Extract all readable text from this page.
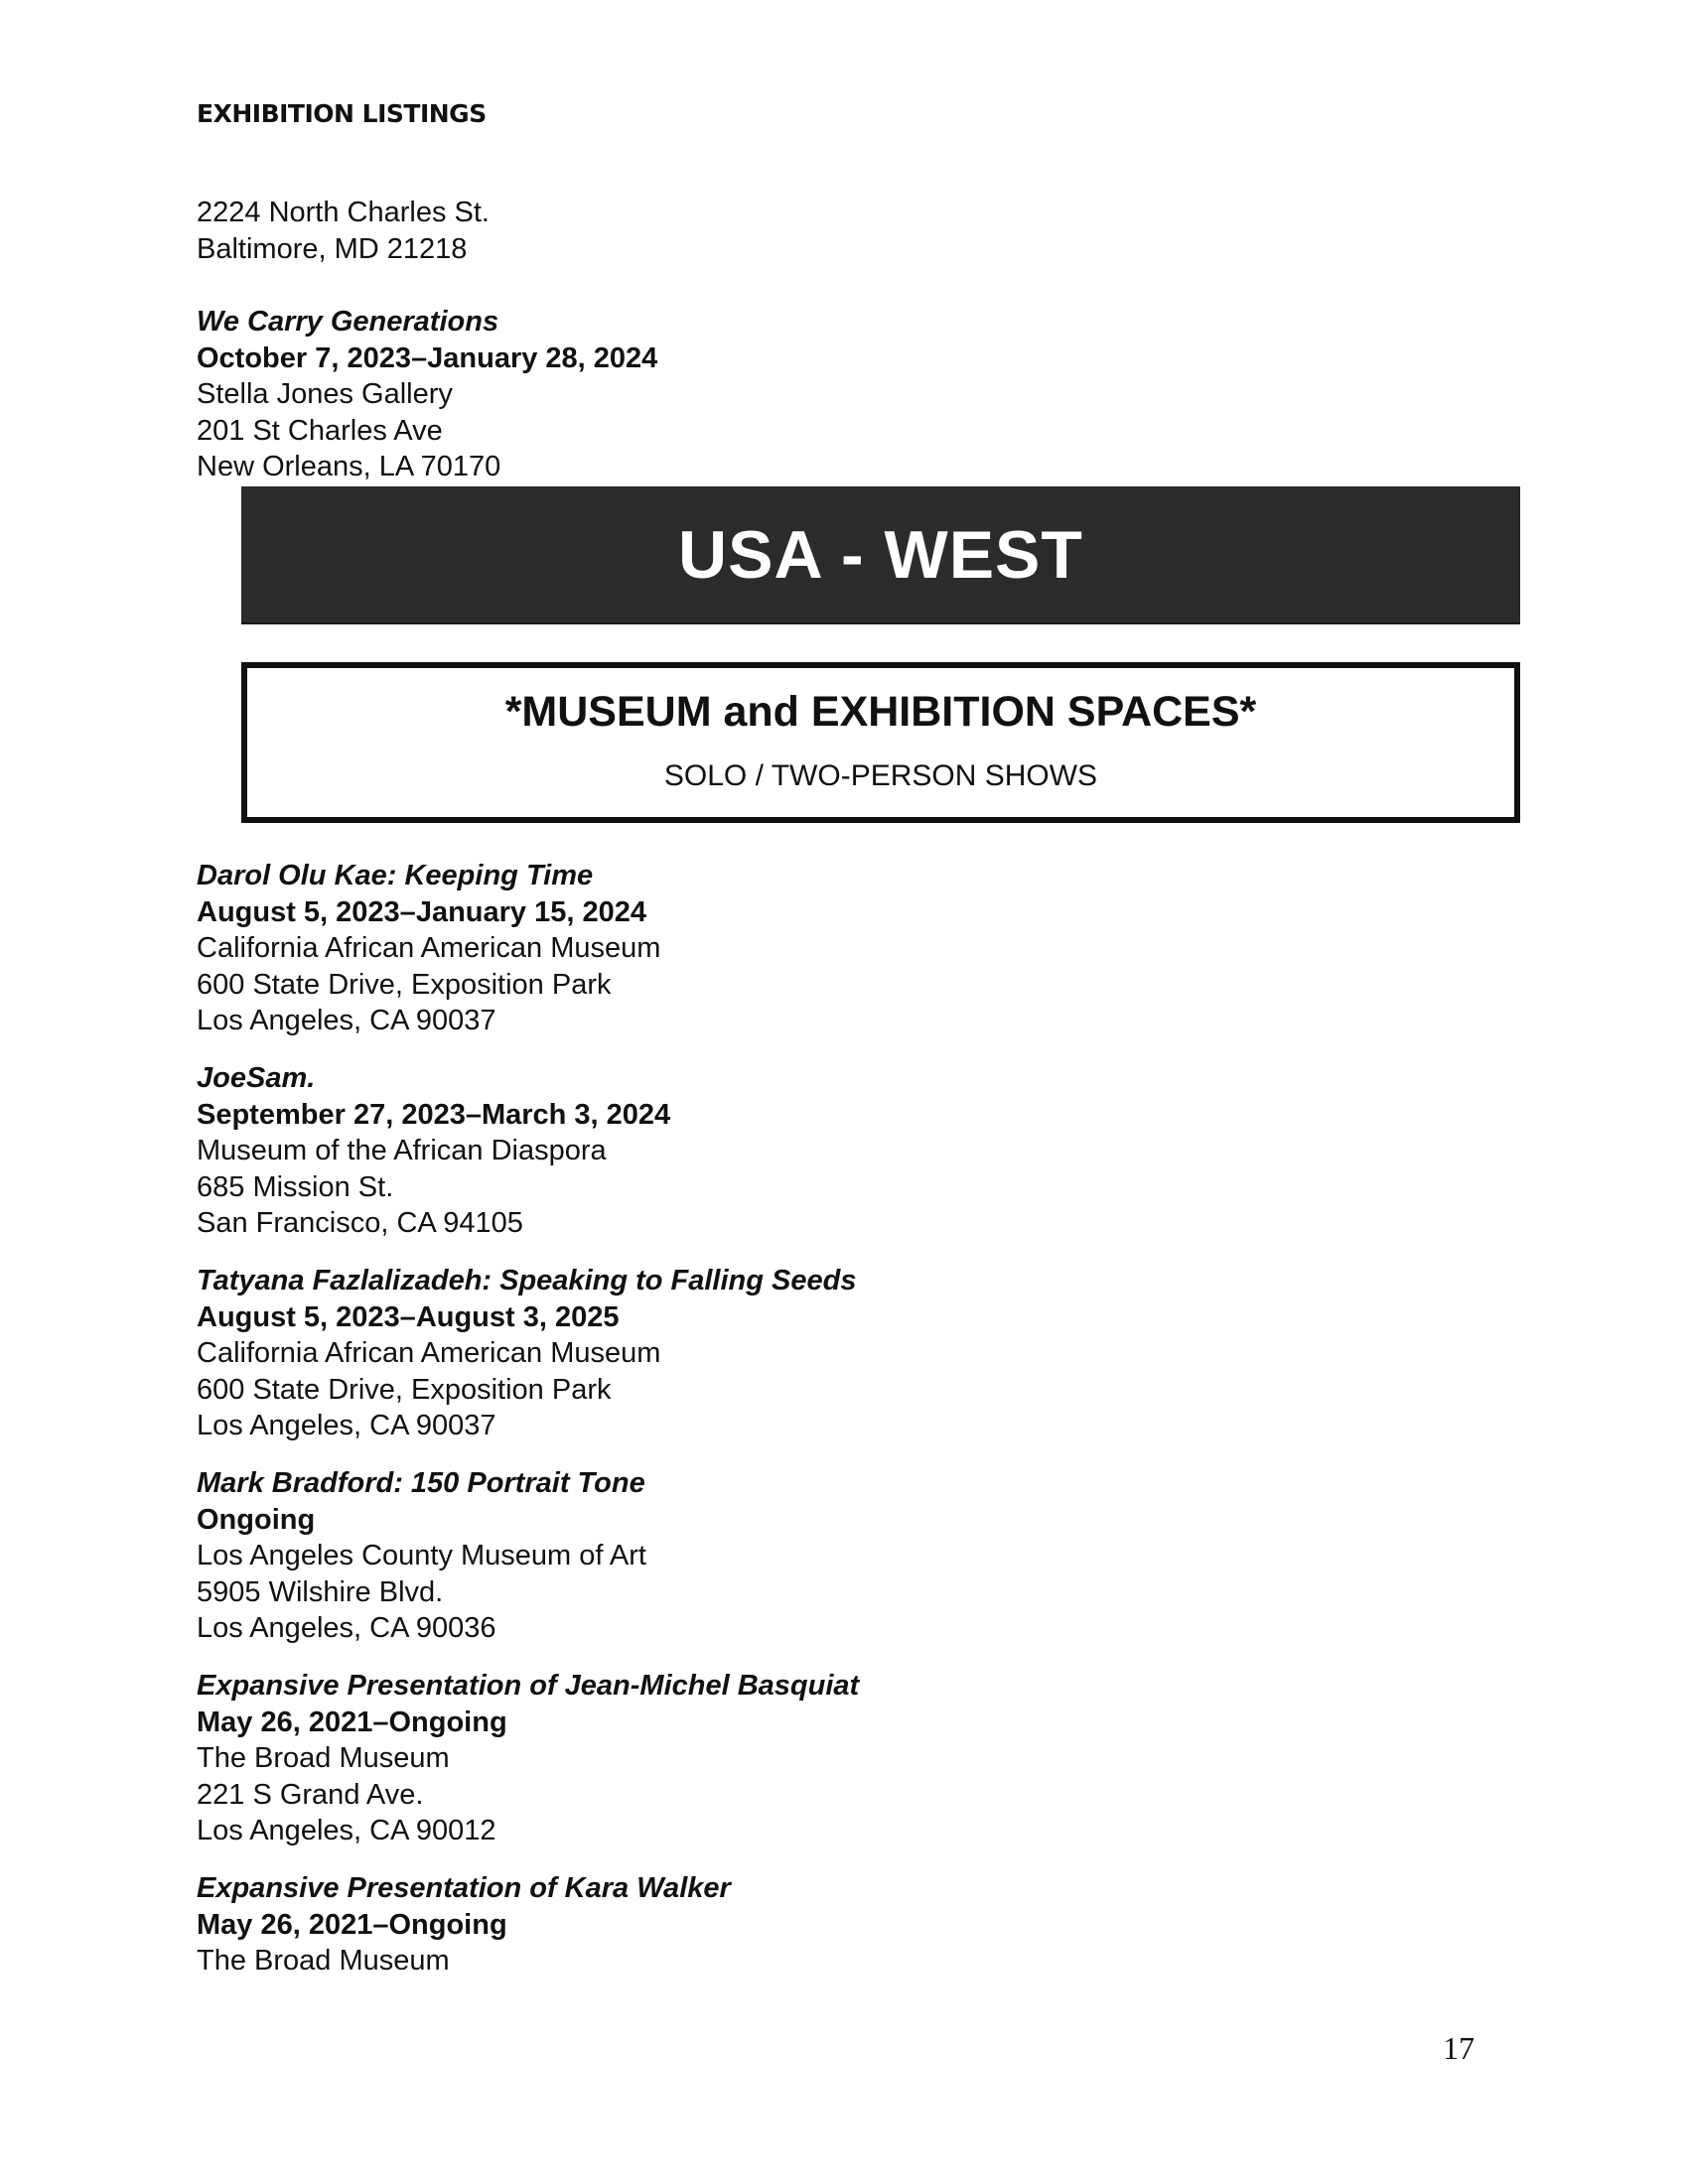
EXHIBITION LISTINGS
2224 North Charles St.
Baltimore, MD 21218
We Carry Generations
October 7, 2023–January 28, 2024
Stella Jones Gallery
201 St Charles Ave
New Orleans, LA 70170
USA - WEST
*MUSEUM and EXHIBITION SPACES*
SOLO / TWO-PERSON SHOWS
Darol Olu Kae: Keeping Time
August 5, 2023–January 15, 2024
California African American Museum
600 State Drive, Exposition Park
Los Angeles, CA 90037
JoeSam.
September 27, 2023–March 3, 2024
Museum of the African Diaspora
685 Mission St.
San Francisco, CA 94105
Tatyana Fazlalizadeh: Speaking to Falling Seeds
August 5, 2023–August 3, 2025
California African American Museum
600 State Drive, Exposition Park
Los Angeles, CA 90037
Mark Bradford: 150 Portrait Tone
Ongoing
Los Angeles County Museum of Art
5905 Wilshire Blvd.
Los Angeles, CA 90036
Expansive Presentation of Jean-Michel Basquiat
May 26, 2021–Ongoing
The Broad Museum
221 S Grand Ave.
Los Angeles, CA 90012
Expansive Presentation of Kara Walker
May 26, 2021–Ongoing
The Broad Museum
17
